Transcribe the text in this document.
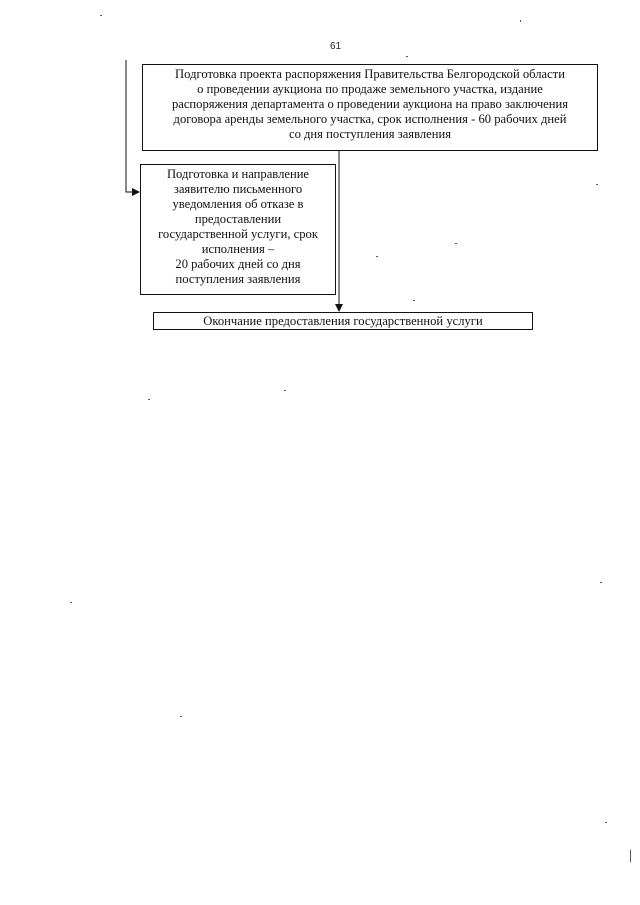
61
Подготовка проекта распоряжения Правительства Белгородской области
о проведении аукциона по продаже земельного участка, издание
распоряжения департамента о проведении аукциона на право заключения
договора аренды земельного участка, срок исполнения - 60 рабочих дней
со дня поступления заявления
Подготовка и направление
заявителю письменного
уведомления об отказе в
предоставлении
государственной услуги, срок
исполнения –
20 рабочих дней со дня
поступления заявления
Окончание предоставления государственной услуги
